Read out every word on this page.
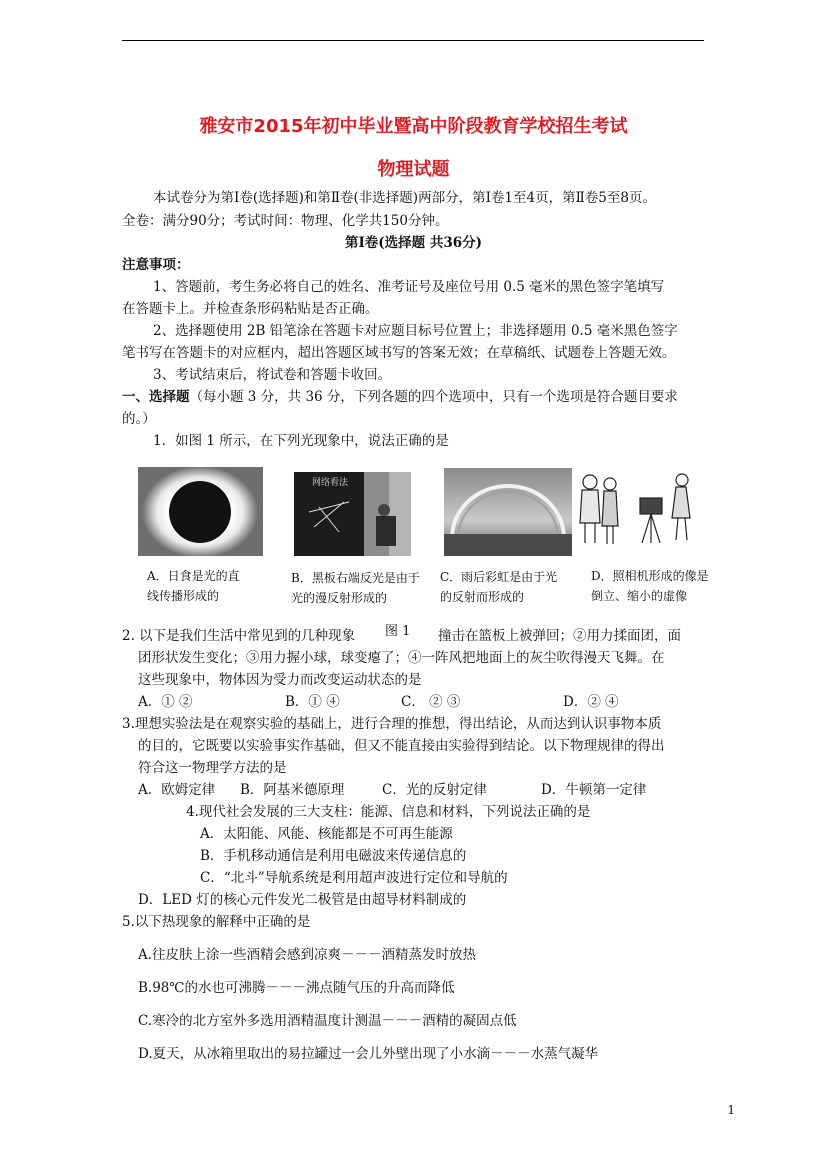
雅安市2015年初中毕业暨高中阶段教育学校招生考试
物理试题
本试卷分为第Ⅰ卷(选择题)和第Ⅱ卷(非选择题)两部分，第Ⅰ卷1至4页，第Ⅱ卷5至8页。
全卷：满分90分；考试时间：物理、化学共150分钟。
第Ⅰ卷(选择题 共36分)
注意事项：
1、答题前，考生务必将自己的姓名、准考证号及座位号用 0.5 毫米的黑色签字笔填写
在答题卡上。并检查条形码粘贴是否正确。
2、选择题使用 2B 铅笔涂在答题卡对应题目标号位置上；非选择题用 0.5 毫米黑色签字
笔书写在答题卡的对应框内，超出答题区域书写的答案无效；在草稿纸、试题卷上答题无效。
3、考试结束后，将试卷和答题卡收回。
一、选择题（每小题 3 分，共 36 分，下列各题的四个选项中，只有一个选项是符合题目要求
的。）
1．如图 1 所示，在下列光现象中，说法正确的是
网络看法
A．日食是光的直
线传播形成的
B．黑板右端反光是由于
光的漫反射形成的
C．雨后彩虹是由于光
的反射而形成的
D．照相机形成的像是
倒立、缩小的虚像
2. 以下是我们生活中常见到的几种现象 图 1 撞击在篮板上被弹回；②用力揉面团，面
团形状发生变化；③用力握小球，球变瘪了；④一阵风把地面上的灰尘吹得漫天飞舞。在
这些现象中，物体因为受力而改变运动状态的是
A．① ②	B．① ④	C． ② ③	D．② ④
3.理想实验法是在观察实验的基础上，进行合理的推想，得出结论，从而达到认识事物本质
的目的，它既要以实验事实作基础，但又不能直接由实验得到结论。以下物理规律的得出
符合这一物理学方法的是
A．欧姆定律 B．阿基米德原理	C．光的反射定律	D．牛顿第一定律
4.现代社会发展的三大支柱：能源、信息和材料，下列说法正确的是
A．太阳能、风能、核能都是不可再生能源
B．手机移动通信是利用电磁波来传递信息的
C．“北斗”导航系统是利用超声波进行定位和导航的
D．LED 灯的核心元件发光二极管是由超导材料制成的
5.以下热现象的解释中正确的是
A.往皮肤上涂一些酒精会感到凉爽－－－酒精蒸发时放热
B.98℃的水也可沸腾－－－沸点随气压的升高而降低
C.寒冷的北方室外多选用酒精温度计测温－－－酒精的凝固点低
D.夏天，从冰箱里取出的易拉罐过一会儿外壁出现了小水滴－－－水蒸气凝华
1
